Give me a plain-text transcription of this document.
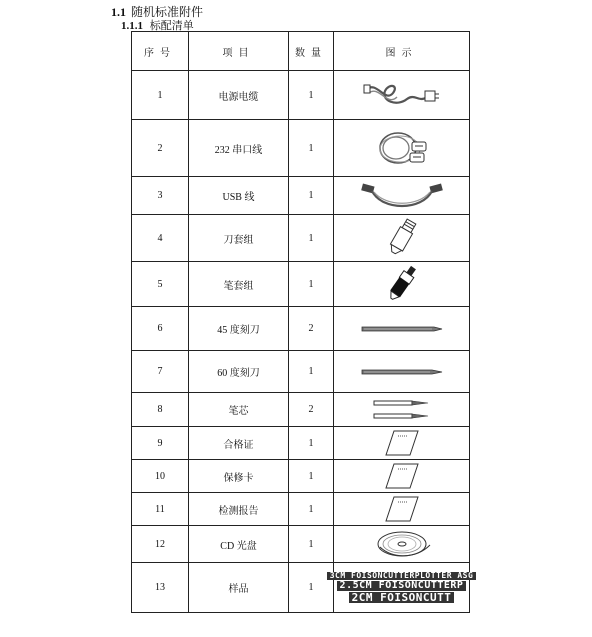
1.1 随机标准附件
1.1.1 标配清单
序号	项目	数量	图示
1	电源电缆	1	

2	232 串口线	1	

3	USB 线	1	

4	刀套组	1	

5	笔套组	1	

6	45 度刻刀	2	

7	60 度刻刀	1	

8	笔芯	2	

9	合格证	1	

10	保修卡	1	

11	检测报告	1	

12	CD 光盘	1	

13	样品	1	3CM FOISONCUTTERPLOTTER ASG
2.5CM FOISONCUTTERP
2CM FOISONCUTT
